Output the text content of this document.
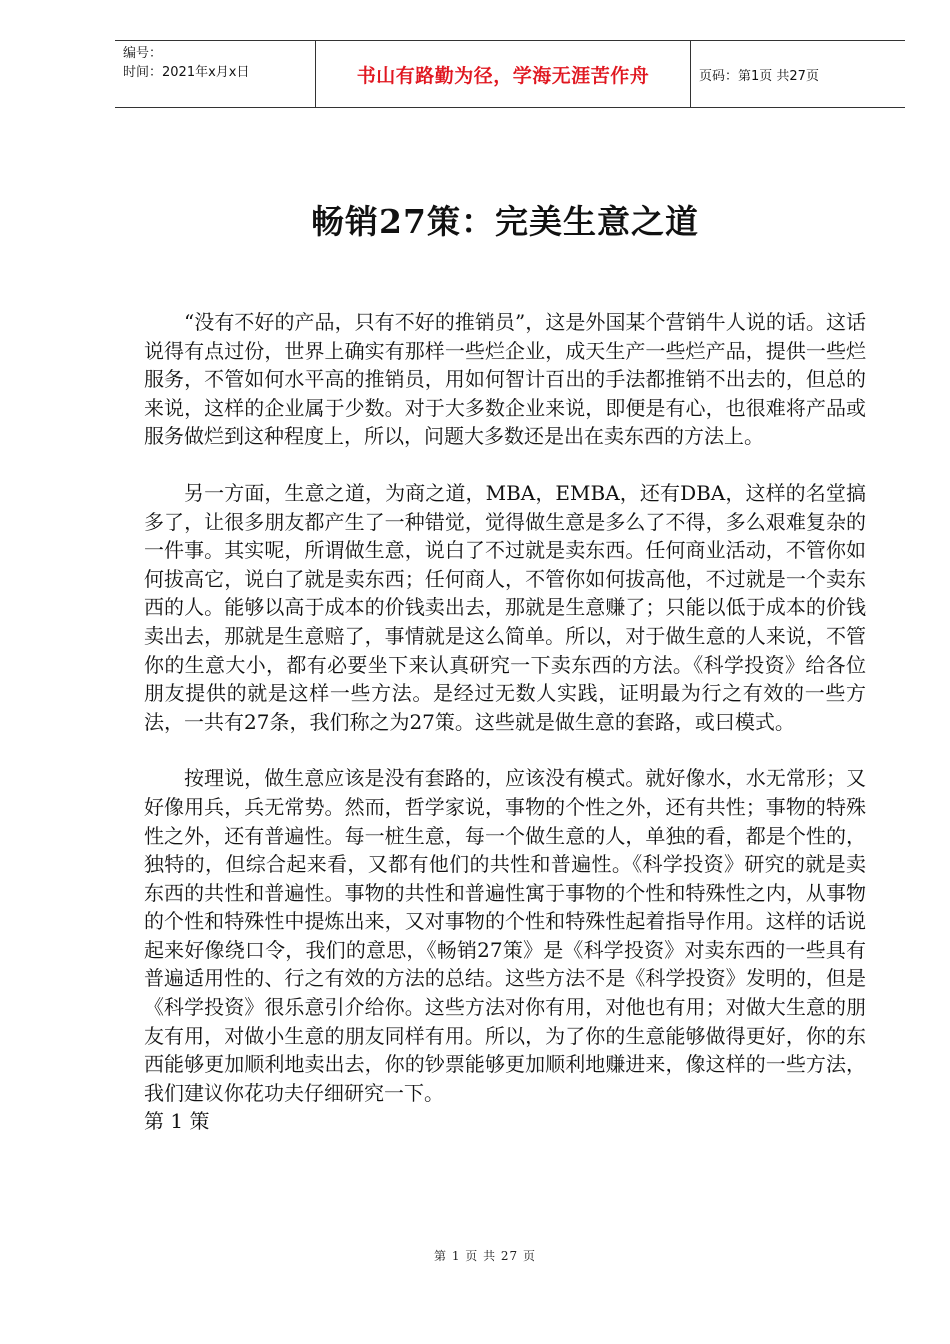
编号：
时间：2021年x月x日	书山有路勤为径，学海无涯苦作舟	页码：第1页 共27页
畅销27策：完美生意之道

“没有不好的产品，只有不好的推销员”，这是外国某个营销牛人说的话。这话说得有点过份，世界上确实有那样一些烂企业，成天生产一些烂产品，提供一些烂服务，不管如何水平高的推销员，用如何智计百出的手法都推销不出去的，但总的来说，这样的企业属于少数。对于大多数企业来说，即便是有心，也很难将产品或服务做烂到这种程度上，所以，问题大多数还是出在卖东西的方法上。

另一方面，生意之道，为商之道，MBA，EMBA，还有DBA，这样的名堂搞多了，让很多朋友都产生了一种错觉，觉得做生意是多么了不得，多么艰难复杂的一件事。其实呢，所谓做生意，说白了不过就是卖东西。任何商业活动，不管你如何拔高它，说白了就是卖东西；任何商人，不管你如何拔高他，不过就是一个卖东西的人。能够以高于成本的价钱卖出去，那就是生意赚了；只能以低于成本的价钱卖出去，那就是生意赔了，事情就是这么简单。所以，对于做生意的人来说，不管你的生意大小，都有必要坐下来认真研究一下卖东西的方法。《科学投资》给各位朋友提供的就是这样一些方法。是经过无数人实践，证明最为行之有效的一些方法，一共有27条，我们称之为27策。这些就是做生意的套路，或曰模式。

按理说，做生意应该是没有套路的，应该没有模式。就好像水，水无常形；又好像用兵，兵无常势。然而，哲学家说，事物的个性之外，还有共性；事物的特殊性之外，还有普遍性。每一桩生意，每一个做生意的人，单独的看，都是个性的，独特的，但综合起来看，又都有他们的共性和普遍性。《科学投资》研究的就是卖东西的共性和普遍性。事物的共性和普遍性寓于事物的个性和特殊性之内，从事物的个性和特殊性中提炼出来，又对事物的个性和特殊性起着指导作用。这样的话说起来好像绕口令，我们的意思，《畅销27策》是《科学投资》对卖东西的一些具有普遍适用性的、行之有效的方法的总结。这些方法不是《科学投资》发明的，但是《科学投资》很乐意引介给你。这些方法对你有用，对他也有用；对做大生意的朋友有用，对做小生意的朋友同样有用。所以，为了你的生意能够做得更好，你的东西能够更加顺利地卖出去，你的钞票能够更加顺利地赚进来，像这样的一些方法，我们建议你花功夫仔细研究一下。

第 1 策

第 1 页 共 27 页
